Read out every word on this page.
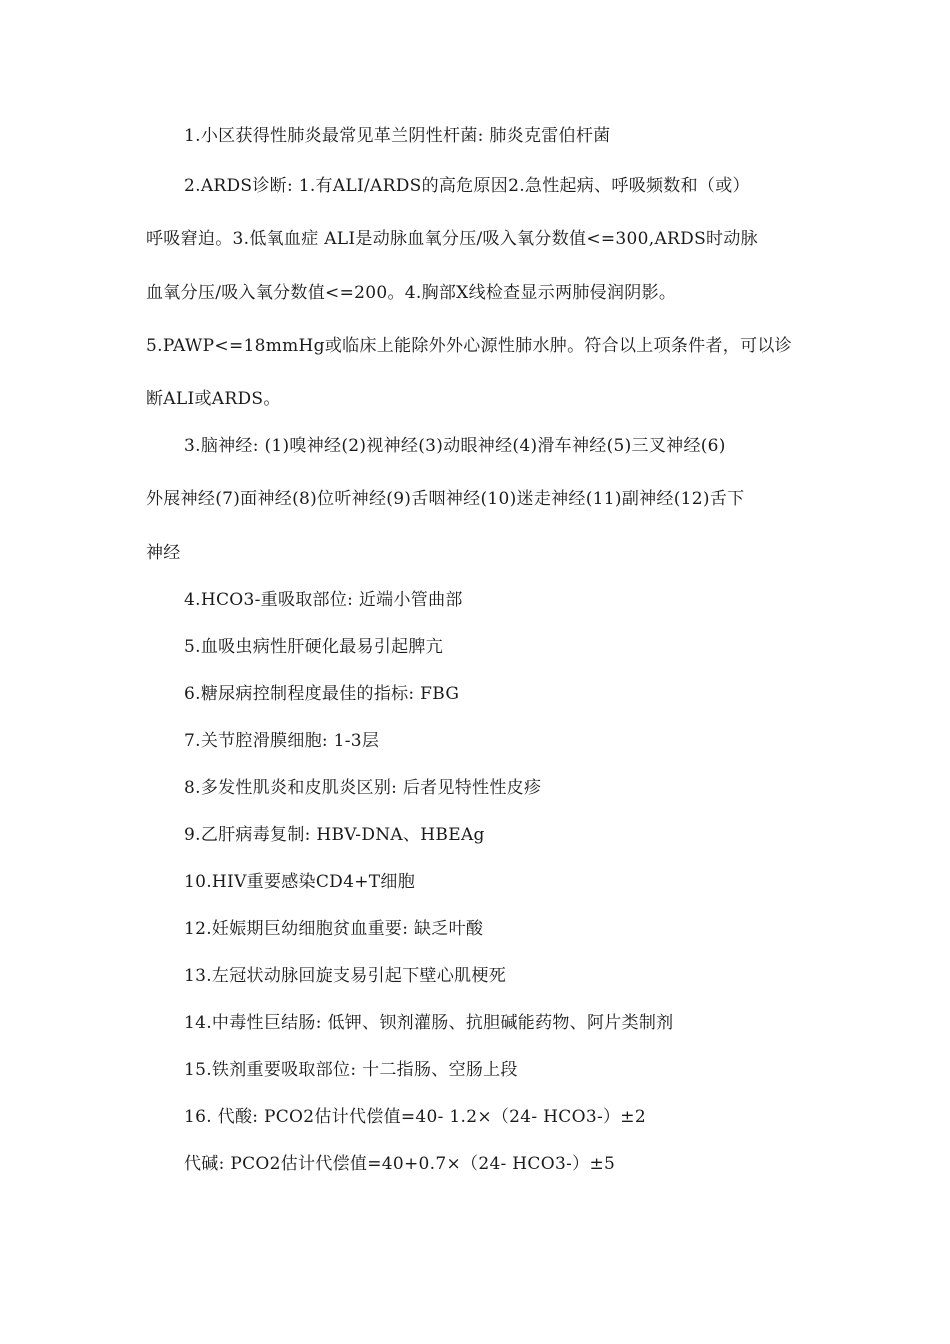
1.小区获得性肺炎最常见革兰阴性杆菌: 肺炎克雷伯杆菌
2.ARDS诊断: 1.有ALI/ARDS的高危原因2.急性起病、呼吸频数和（或）
呼吸窘迫。3.低氧血症 ALI是动脉血氧分压/吸入氧分数值<=300,ARDS时动脉
血氧分压/吸入氧分数值<=200。4.胸部X线检查显示两肺侵润阴影。
5.PAWP<=18mmHg或临床上能除外外心源性肺水肿。符合以上项条件者，可以诊
断ALI或ARDS。
3.脑神经: (1)嗅神经(2)视神经(3)动眼神经(4)滑车神经(5)三叉神经(6)
外展神经(7)面神经(8)位听神经(9)舌咽神经(10)迷走神经(11)副神经(12)舌下
神经
4.HCO3-重吸取部位: 近端小管曲部
5.血吸虫病性肝硬化最易引起脾亢
6.糖尿病控制程度最佳的指标: FBG
7.关节腔滑膜细胞: 1-3层
8.多发性肌炎和皮肌炎区别: 后者见特性性皮疹
9.乙肝病毒复制: HBV-DNA、HBEAg
10.HIV重要感染CD4+T细胞
12.妊娠期巨幼细胞贫血重要: 缺乏叶酸
13.左冠状动脉回旋支易引起下壁心肌梗死
14.中毒性巨结肠: 低钾、钡剂灌肠、抗胆碱能药物、阿片类制剂
15.铁剂重要吸取部位: 十二指肠、空肠上段
16. 代酸: PCO2估计代偿值=40- 1.2×（24- HCO3-）±2
代碱: PCO2估计代偿值=40+0.7×（24- HCO3-）±5
